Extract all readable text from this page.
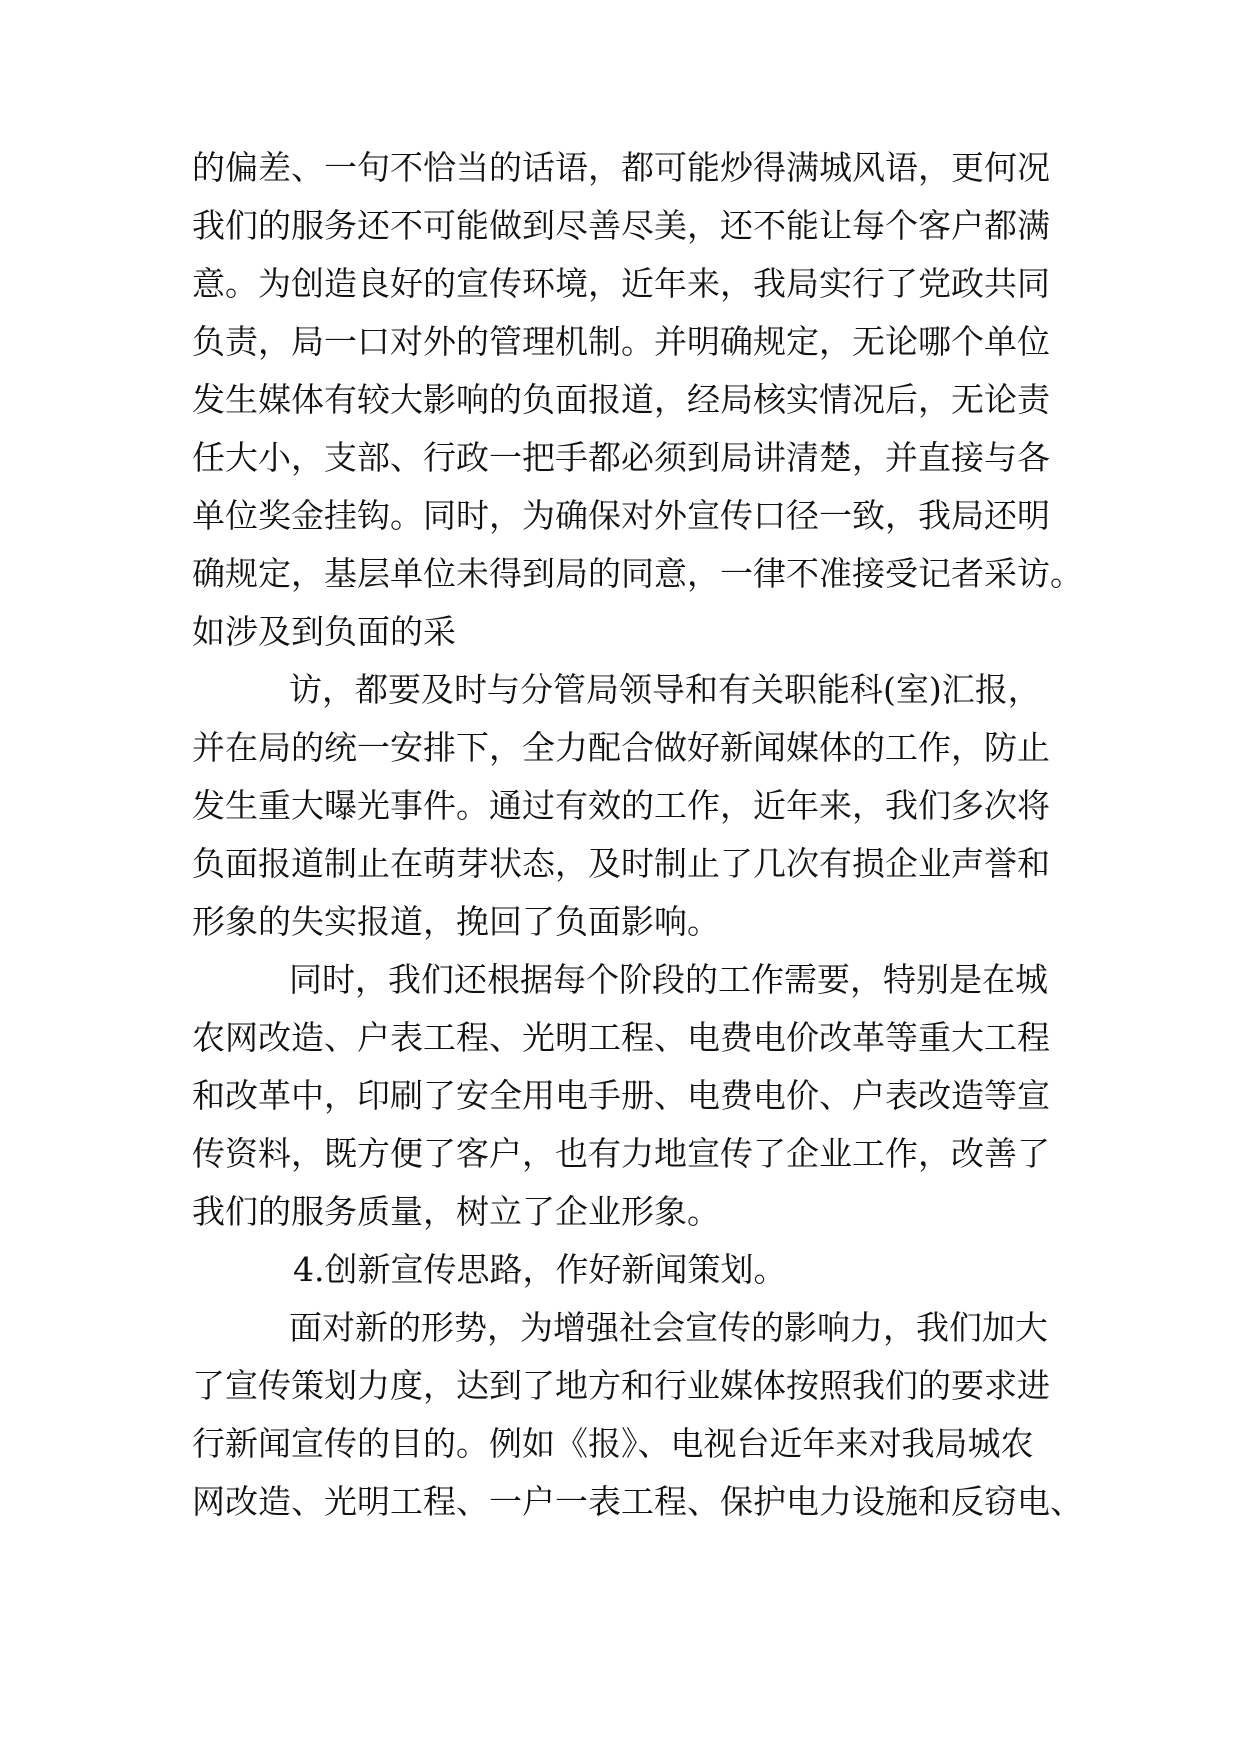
的偏差、一句不恰当的话语，都可能炒得满城风语，更何况
我们的服务还不可能做到尽善尽美，还不能让每个客户都满
意。为创造良好的宣传环境，近年来，我局实行了党政共同
负责，局一口对外的管理机制。并明确规定，无论哪个单位
发生媒体有较大影响的负面报道，经局核实情况后，无论责
任大小，支部、行政一把手都必须到局讲清楚，并直接与各
单位奖金挂钩。同时，为确保对外宣传口径一致，我局还明
确规定，基层单位未得到局的同意，一律不准接受记者采访。
如涉及到负面的采
访，都要及时与分管局领导和有关职能科(室)汇报，
并在局的统一安排下，全力配合做好新闻媒体的工作，防止
发生重大曝光事件。通过有效的工作，近年来，我们多次将
负面报道制止在萌芽状态，及时制止了几次有损企业声誉和
形象的失实报道，挽回了负面影响。
同时，我们还根据每个阶段的工作需要，特别是在城
农网改造、户表工程、光明工程、电费电价改革等重大工程
和改革中，印刷了安全用电手册、电费电价、户表改造等宣
传资料，既方便了客户，也有力地宣传了企业工作，改善了
我们的服务质量，树立了企业形象。
4.创新宣传思路，作好新闻策划。
面对新的形势，为增强社会宣传的影响力，我们加大
了宣传策划力度，达到了地方和行业媒体按照我们的要求进
行新闻宣传的目的。例如《报》、电视台近年来对我局城农
网改造、光明工程、一户一表工程、保护电力设施和反窃电、
